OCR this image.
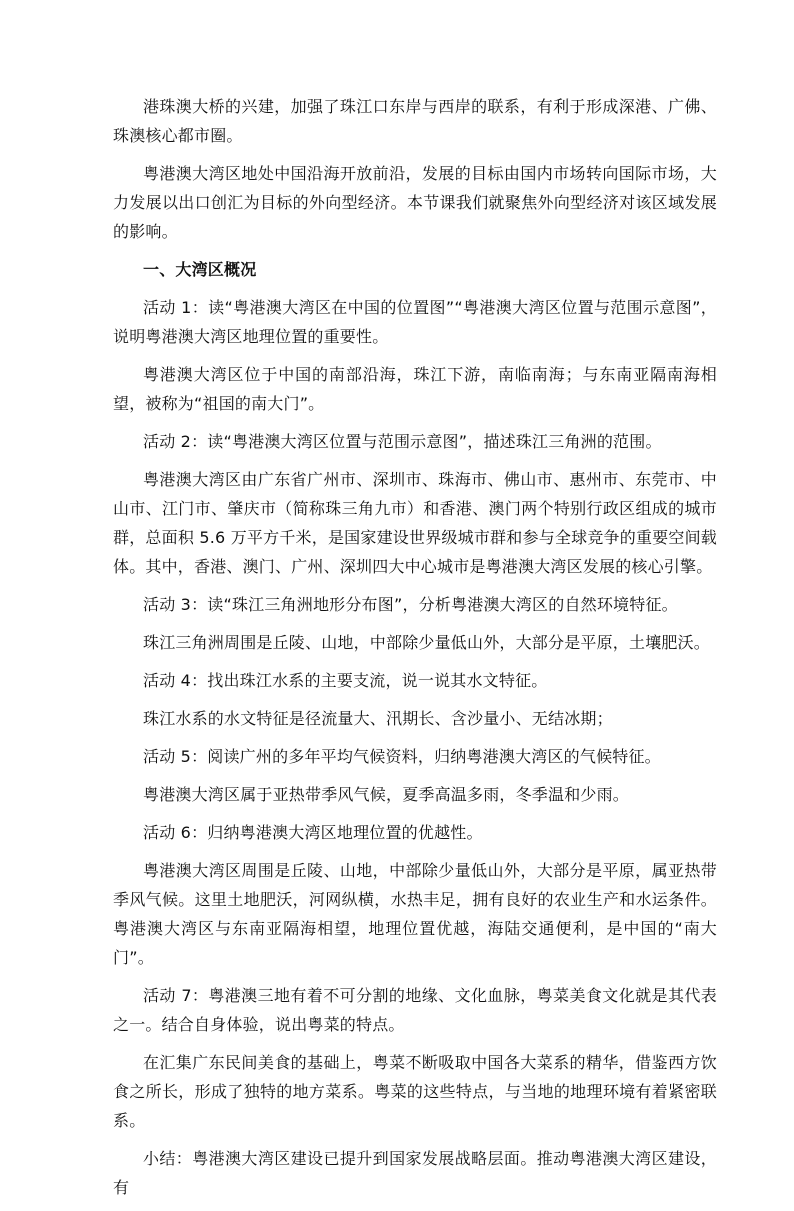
港珠澳大桥的兴建，加强了珠江口东岸与西岸的联系，有利于形成深港、广佛、珠澳核心都市圈。

粤港澳大湾区地处中国沿海开放前沿，发展的目标由国内市场转向国际市场，大力发展以出口创汇为目标的外向型经济。本节课我们就聚焦外向型经济对该区域发展的影响。

一、大湾区概况

活动 1：读“粤港澳大湾区在中国的位置图”“粤港澳大湾区位置与范围示意图”，说明粤港澳大湾区地理位置的重要性。

粤港澳大湾区位于中国的南部沿海，珠江下游，南临南海；与东南亚隔南海相望，被称为“祖国的南大门”。

活动 2：读“粤港澳大湾区位置与范围示意图”，描述珠江三角洲的范围。

粤港澳大湾区由广东省广州市、深圳市、珠海市、佛山市、惠州市、东莞市、中山市、江门市、肇庆市（简称珠三角九市）和香港、澳门两个特别行政区组成的城市群，总面积 5.6 万平方千米，是国家建设世界级城市群和参与全球竞争的重要空间载体。其中，香港、澳门、广州、深圳四大中心城市是粤港澳大湾区发展的核心引擎。

活动 3：读“珠江三角洲地形分布图”，分析粤港澳大湾区的自然环境特征。

珠江三角洲周围是丘陵、山地，中部除少量低山外，大部分是平原，土壤肥沃。

活动 4：找出珠江水系的主要支流，说一说其水文特征。

珠江水系的水文特征是径流量大、汛期长、含沙量小、无结冰期；

活动 5：阅读广州的多年平均气候资料，归纳粤港澳大湾区的气候特征。

粤港澳大湾区属于亚热带季风气候，夏季高温多雨，冬季温和少雨。

活动 6：归纳粤港澳大湾区地理位置的优越性。

粤港澳大湾区周围是丘陵、山地，中部除少量低山外，大部分是平原，属亚热带季风气候。这里土地肥沃，河网纵横，水热丰足，拥有良好的农业生产和水运条件。粤港澳大湾区与东南亚隔海相望，地理位置优越，海陆交通便利，是中国的“南大门”。

活动 7：粤港澳三地有着不可分割的地缘、文化血脉，粤菜美食文化就是其代表之一。结合自身体验，说出粤菜的特点。

在汇集广东民间美食的基础上，粤菜不断吸取中国各大菜系的精华，借鉴西方饮食之所长，形成了独特的地方菜系。粤菜的这些特点，与当地的地理环境有着紧密联系。

小结：粤港澳大湾区建设已提升到国家发展战略层面。推动粤港澳大湾区建设，有
